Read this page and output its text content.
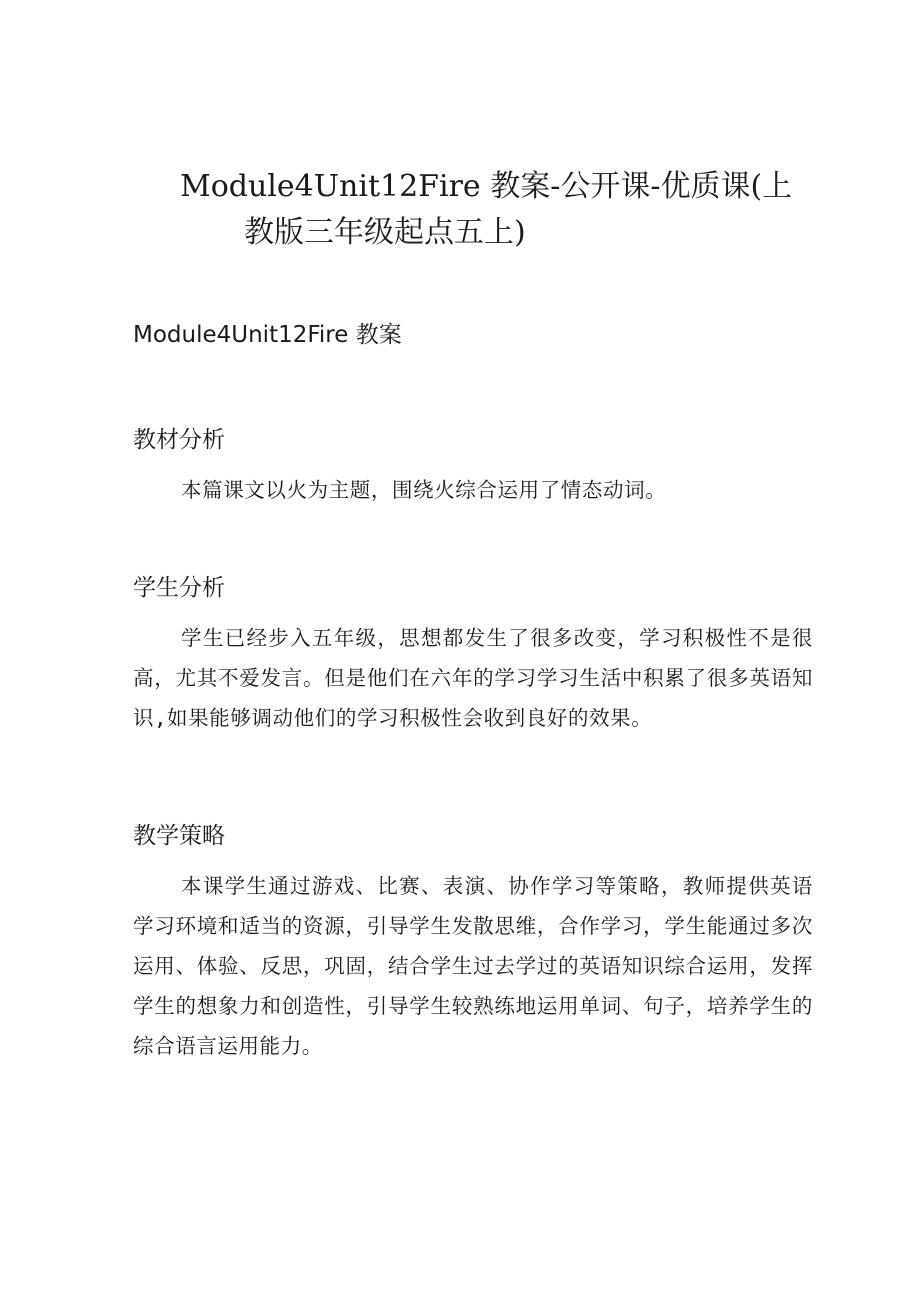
Module4Unit12Fire 教案-公开课-优质课(上
教版三年级起点五上)
Module4Unit12Fire 教案
教材分析

本篇课文以火为主题，围绕火综合运用了情态动词。

学生分析

学生已经步入五年级，思想都发生了很多改变，学习积极性不是很高，尤其不爱发言。但是他们在六年的学习学习生活中积累了很多英语知识,如果能够调动他们的学习积极性会收到良好的效果。

教学策略

本课学生通过游戏、比赛、表演、协作学习等策略，教师提供英语学习环境和适当的资源，引导学生发散思维，合作学习，学生能通过多次运用、体验、反思，巩固，结合学生过去学过的英语知识综合运用，发挥学生的想象力和创造性，引导学生较熟练地运用单词、句子，培养学生的综合语言运用能力。
